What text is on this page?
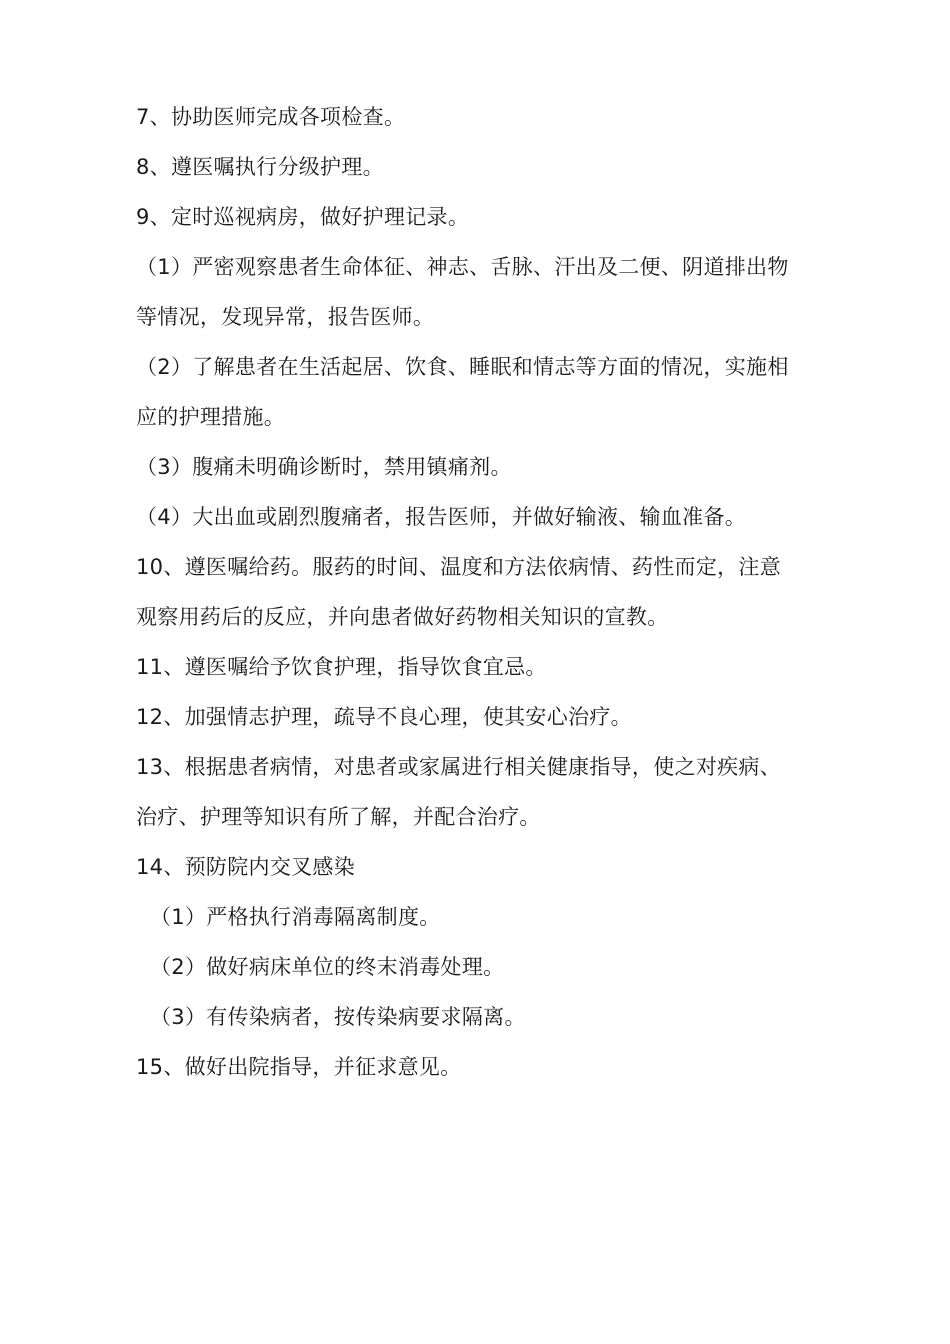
7、协助医师完成各项检查。
8、遵医嘱执行分级护理。
9、定时巡视病房，做好护理记录。
（1）严密观察患者生命体征、神志、舌脉、汗出及二便、阴道排出物
等情况，发现异常，报告医师。
（2）了解患者在生活起居、饮食、睡眠和情志等方面的情况，实施相
应的护理措施。
（3）腹痛未明确诊断时，禁用镇痛剂。
（4）大出血或剧烈腹痛者，报告医师，并做好输液、输血准备。
10、遵医嘱给药。服药的时间、温度和方法依病情、药性而定，注意
观察用药后的反应，并向患者做好药物相关知识的宣教。
11、遵医嘱给予饮食护理，指导饮食宜忌。
12、加强情志护理，疏导不良心理，使其安心治疗。
13、根据患者病情，对患者或家属进行相关健康指导，使之对疾病、
治疗、护理等知识有所了解，并配合治疗。
14、预防院内交叉感染
（1）严格执行消毒隔离制度。
（2）做好病床单位的终末消毒处理。
（3）有传染病者，按传染病要求隔离。
15、做好出院指导，并征求意见。
